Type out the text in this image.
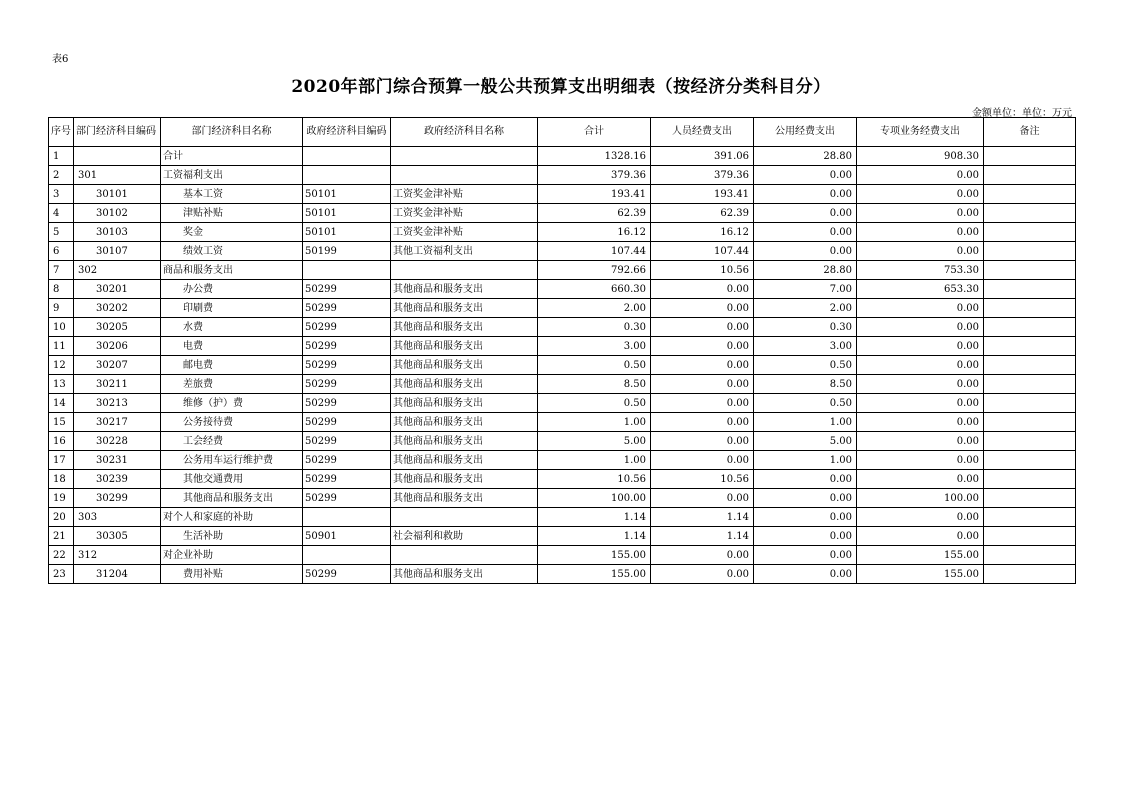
表6
2020年部门综合预算一般公共预算支出明细表（按经济分类科目分）
金额单位：单位：万元
序号	部门经济科目编码	部门经济科目名称	政府经济科目编码	政府经济科目名称	合计	人员经费支出	公用经费支出	专项业务经费支出	备注
1		合计			1328.16	391.06	28.80	908.30	
2	301	工资福利支出			379.36	379.36	0.00	0.00	
3	30101	基本工资	50101	工资奖金津补贴	193.41	193.41	0.00	0.00	
4	30102	津贴补贴	50101	工资奖金津补贴	62.39	62.39	0.00	0.00	
5	30103	奖金	50101	工资奖金津补贴	16.12	16.12	0.00	0.00	
6	30107	绩效工资	50199	其他工资福利支出	107.44	107.44	0.00	0.00	
7	302	商品和服务支出			792.66	10.56	28.80	753.30	
8	30201	办公费	50299	其他商品和服务支出	660.30	0.00	7.00	653.30	
9	30202	印刷费	50299	其他商品和服务支出	2.00	0.00	2.00	0.00	
10	30205	水费	50299	其他商品和服务支出	0.30	0.00	0.30	0.00	
11	30206	电费	50299	其他商品和服务支出	3.00	0.00	3.00	0.00	
12	30207	邮电费	50299	其他商品和服务支出	0.50	0.00	0.50	0.00	
13	30211	差旅费	50299	其他商品和服务支出	8.50	0.00	8.50	0.00	
14	30213	维修（护）费	50299	其他商品和服务支出	0.50	0.00	0.50	0.00	
15	30217	公务接待费	50299	其他商品和服务支出	1.00	0.00	1.00	0.00	
16	30228	工会经费	50299	其他商品和服务支出	5.00	0.00	5.00	0.00	
17	30231	公务用车运行维护费	50299	其他商品和服务支出	1.00	0.00	1.00	0.00	
18	30239	其他交通费用	50299	其他商品和服务支出	10.56	10.56	0.00	0.00	
19	30299	其他商品和服务支出	50299	其他商品和服务支出	100.00	0.00	0.00	100.00	
20	303	对个人和家庭的补助			1.14	1.14	0.00	0.00	
21	30305	生活补助	50901	社会福利和救助	1.14	1.14	0.00	0.00	
22	312	对企业补助			155.00	0.00	0.00	155.00	
23	31204	费用补贴	50299	其他商品和服务支出	155.00	0.00	0.00	155.00	
